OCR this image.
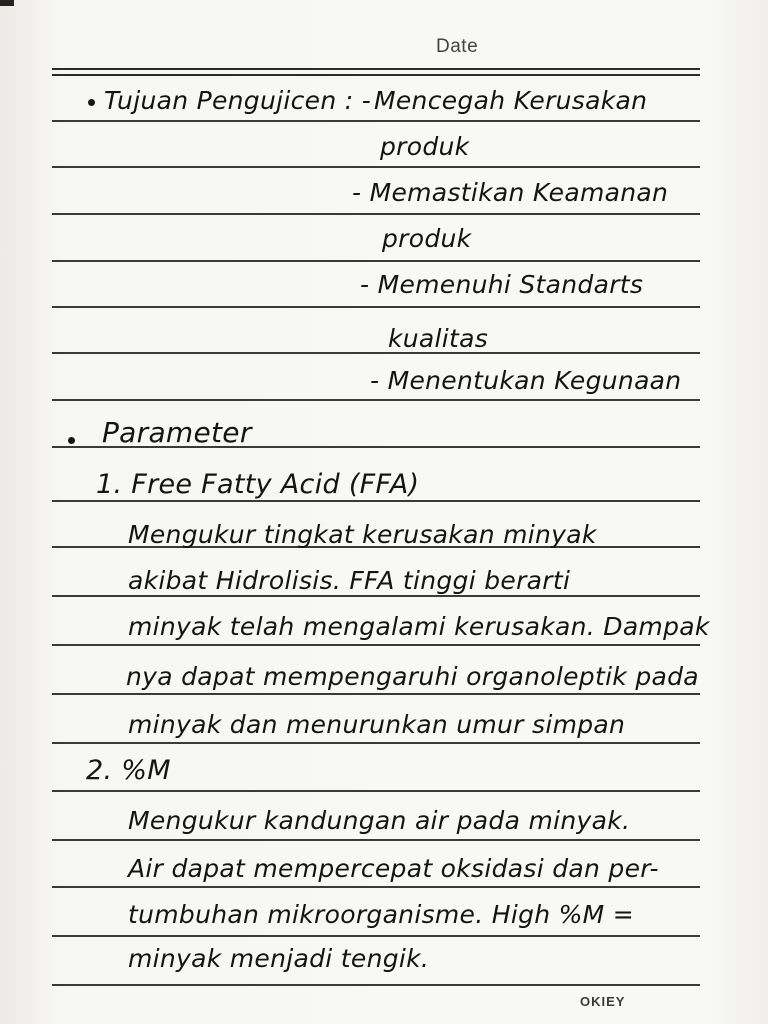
Date
Tujuan Pengujicen : - Mencegah Kerusakan
produk
- Memastikan Keamanan
produk
- Memenuhi Standarts
kualitas
- Menentukan Kegunaan
Parameter
1. Free Fatty Acid (FFA)
Mengukur tingkat kerusakan minyak
akibat Hidrolisis. FFA tinggi berarti
minyak telah mengalami kerusakan. Dampak
nya dapat mempengaruhi organoleptik pada
minyak dan menurunkan umur simpan
2. %M
Mengukur kandungan air pada minyak.
Air dapat mempercepat oksidasi dan per-
tumbuhan mikroorganisme. High %M =
minyak menjadi tengik.
OKIEY
